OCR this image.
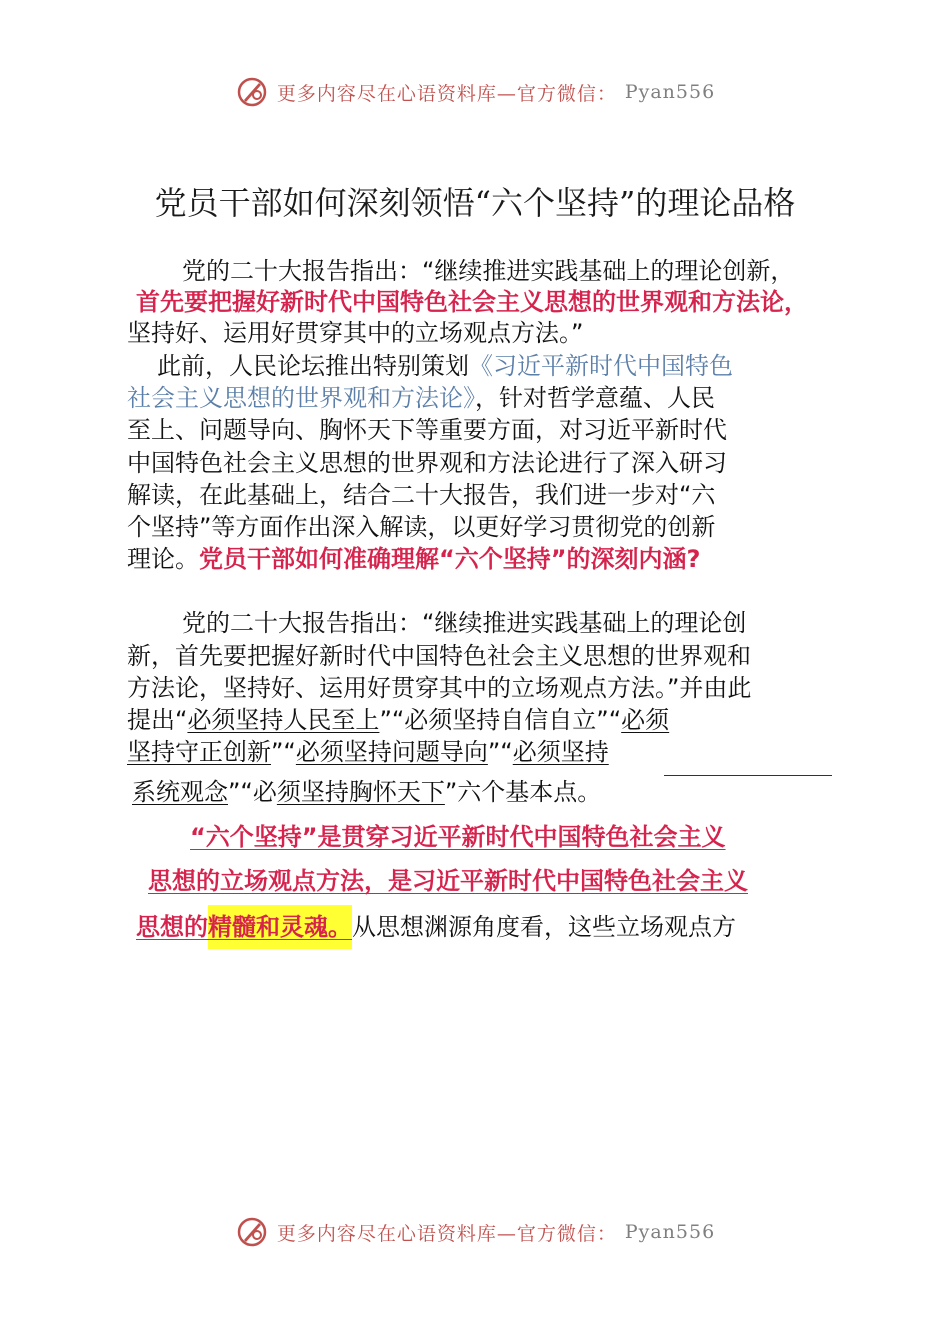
更多内容尽在心语资料库—官方微信： Pyan556
党员干部如何深刻领悟“六个坚持”的理论品格
党的二十大报告指出：“继续推进实践基础上的理论创新，
首先要把握好新时代中国特色社会主义思想的世界观和方法论，
坚持好、运用好贯穿其中的立场观点方法。”
此前，人民论坛推出特别策划《习近平新时代中国特色
社会主义思想的世界观和方法论》，针对哲学意蕴、人民
至上、问题导向、胸怀天下等重要方面，对习近平新时代
中国特色社会主义思想的世界观和方法论进行了深入研习
解读，在此基础上，结合二十大报告，我们进一步对“六
个坚持”等方面作出深入解读，以更好学习贯彻党的创新
理论。党员干部如何准确理解“六个坚持”的深刻内涵?
党的二十大报告指出：“继续推进实践基础上的理论创
新，首先要把握好新时代中国特色社会主义思想的世界观和
方法论，坚持好、运用好贯穿其中的立场观点方法。”并由此
提出“必须坚持人民至上”“必须坚持自信自立”“必须
坚持守正创新”“必须坚持问题导向”“必须坚持
系统观念”“必须坚持胸怀天下”六个基本点。
“六个坚持”是贯穿习近平新时代中国特色社会主义
思想的立场观点方法，是习近平新时代中国特色社会主义
思想的精髓和灵魂。从思想渊源角度看，这些立场观点方
更多内容尽在心语资料库—官方微信： Pyan556
